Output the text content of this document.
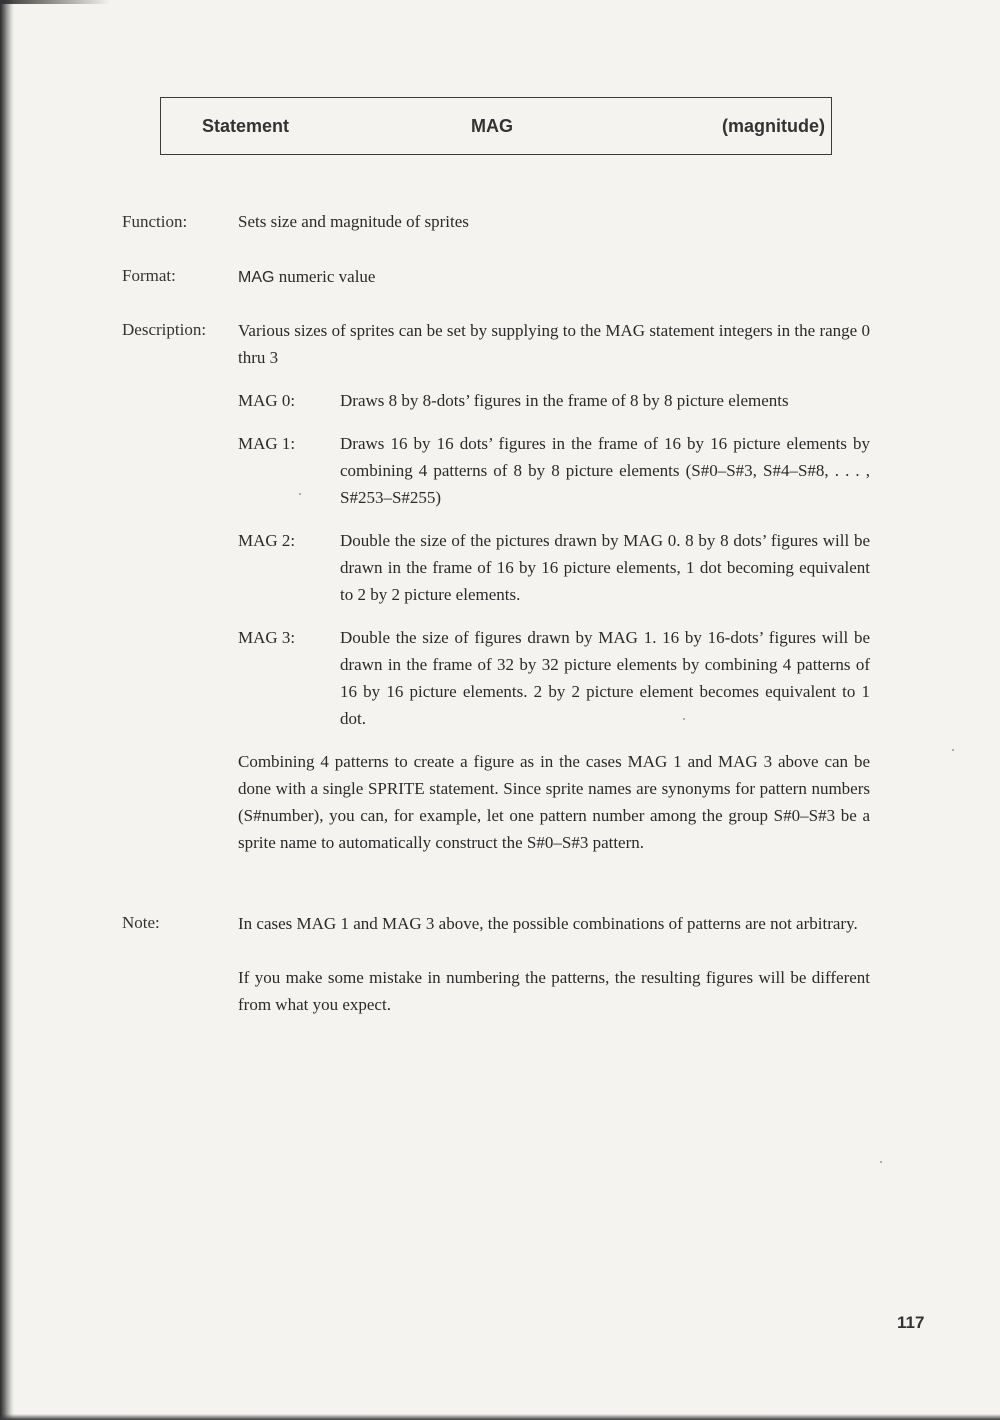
Statement	MAG	(magnitude)
Function:	Sets size and magnitude of sprites
Format:	MAG numeric value
Description: Various sizes of sprites can be set by supplying to the MAG statement integers in the range 0 thru 3
MAG 0:	Draws 8 by 8-dots’ figures in the frame of 8 by 8 picture elements
MAG 1:	Draws 16 by 16 dots’ figures in the frame of 16 by 16 picture elements by combining 4 patterns of 8 by 8 picture elements (S#0–S#3, S#4–S#8, . . . , S#253–S#255)
MAG 2:	Double the size of the pictures drawn by MAG 0. 8 by 8 dots’ figures will be drawn in the frame of 16 by 16 picture elements, 1 dot becoming equivalent to 2 by 2 picture elements.
MAG 3:	Double the size of figures drawn by MAG 1. 16 by 16-dots’ figures will be drawn in the frame of 32 by 32 picture elements by combining 4 patterns of 16 by 16 picture elements. 2 by 2 picture element becomes equivalent to 1 dot.
Combining 4 patterns to create a figure as in the cases MAG 1 and MAG 3 above can be done with a single SPRITE statement. Since sprite names are synonyms for pattern numbers (S#number), you can, for example, let one pattern number among the group S#0–S#3 be a sprite name to automatically construct the S#0–S#3 pattern.
Note:	In cases MAG 1 and MAG 3 above, the possible combinations of patterns are not arbitrary.
If you make some mistake in numbering the patterns, the resulting figures will be different from what you expect.
117
